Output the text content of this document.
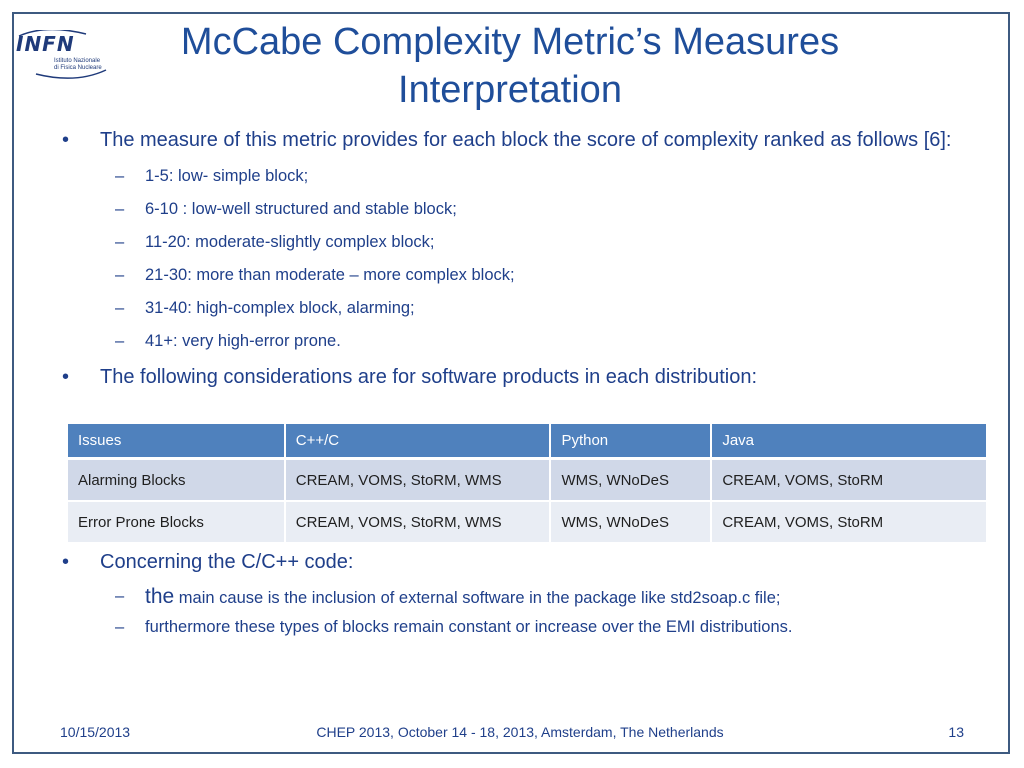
INFN
Istituto Nazionale
di Fisica Nucleare
McCabe Complexity Metric’s Measures
Interpretation
• The measure of this metric provides for each block the score of complexity ranked as follows [6]:
– 1-5: low- simple block;
– 6-10 : low-well structured and stable block;
– 11-20: moderate-slightly complex block;
– 21-30: more than moderate – more complex block;
– 31-40: high-complex block, alarming;
– 41+: very high-error prone.
• The following considerations are for software products in each distribution:
Issues	C++/C	Python	Java
Alarming Blocks	CREAM, VOMS, StoRM, WMS	WMS, WNoDeS	CREAM, VOMS, StoRM
Error Prone Blocks	CREAM, VOMS, StoRM, WMS	WMS, WNoDeS	CREAM, VOMS, StoRM
• Concerning the C/C++ code:
– the main cause is the inclusion of external software in the package like std2soap.c file;
– furthermore these types of blocks remain constant or increase over the EMI distributions.
10/15/2013	CHEP 2013, October 14 - 18, 2013, Amsterdam, The Netherlands	13
